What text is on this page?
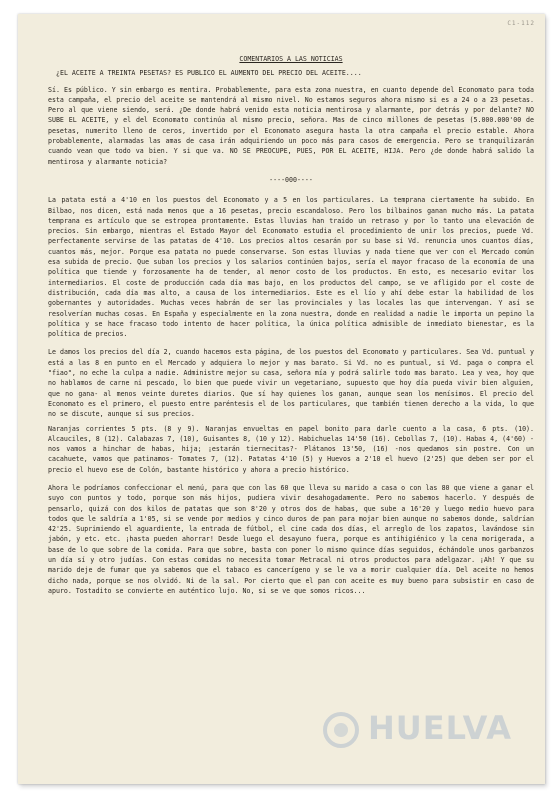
C1-112
COMENTARIOS A LAS NOTICIAS
¿EL ACEITE A TREINTA PESETAS? ES PUBLICO EL AUMENTO DEL PRECIO DEL ACEITE....
Sí. Es público. Y sin embargo es mentira. Probablemente, para esta zona nuestra, en cuanto depende del Economato para toda esta campaña, el precio del aceite se mantendrá al mismo nivel. No estamos seguros ahora mismo si es a 24 o a 23 pesetas. Pero al que viene siendo, será. ¿De donde habrá venido esta noticia mentirosa y alarmante, por detrás y por delante? NO SUBE EL ACEITE, y el del Economato continúa al mismo precio, señora. Mas de cinco millones de pesetas (5.000.000'00 de pesetas, numerito lleno de ceros, invertido por el Economato asegura hasta la otra campaña el precio estable. Ahora probablemente, alarmadas las amas de casa irán adquiriendo un poco más para casos de emergencia. Pero se tranquilizarán cuando vean que todo va bien. Y si que va. NO SE PREOCUPE, PUES, POR EL ACEITE, HIJA. Pero ¿de donde habrá salido la mentirosa y alarmante noticia?
----000----
La patata está a 4'10 en los puestos del Economato y a 5 en los particulares. La temprana ciertamente ha subido. En Bilbao, nos dicen, está nada menos que a 16 pesetas, precio escandaloso. Pero los bilbainos ganan mucho más. La patata temprana es artículo que se estropea prontamente. Estas lluvias han traído un retraso y por lo tanto una elevación de precios. Sin embargo, mientras el Estado Mayor del Economato estudia el procedimiento de unir los precios, puede Vd. perfectamente servirse de las patatas de 4'10. Los precios altos cesarán por su base si Vd. renuncia unos cuantos días, cuantos más, mejor. Porque esa patata no puede conservarse. Son estas lluvias y nada tiene que ver con el Mercado común esa subida de precio. Que suban los precios y los salarios continúen bajos, sería el mayor fracaso de la economía de una política que tiende y forzosamente ha de tender, al menor costo de los productos. En esto, es necesario evitar los intermediarios. El coste de producción cada día mas bajo, en los productos del campo, se ve afligido por el coste de distribución, cada día mas alto, a causa de los intermediarios. Este es el lío y ahí debe estar la habilidad de los gobernantes y autoridades. Muchas veces habrán de ser las provinciales y las locales las que intervengan. Y así se resolverían muchas cosas. En España y especialmente en la zona nuestra, donde en realidad a nadie le importa un pepino la política y se hace fracaso todo intento de hacer política, la única política admisible de inmediato bienestar, es la política de precios.
Le damos los precios del día 2, cuando hacemos esta página, de los puestos del Economato y particulares. Sea Vd. puntual y está a las 8 en punto en el Mercado y adquiera lo mejor y mas barato. Si Vd. no es puntual, si Vd. paga o compra el "fiao", no eche la culpa a nadie. Administre mejor su casa, señora mía y podrá salirle todo mas barato. Lea y vea, hoy que no hablamos de carne ni pescado, lo bien que puede vivir un vegetariano, supuesto que hoy día pueda vivir bien alguien, que no gana- al menos veinte duretes diarios. Que sí hay quienes los ganan, aunque sean los menísimos. El precio del Economato es el primero, el puesto entre paréntesis el de los particulares, que también tienen derecho a la vida, lo que no se discute, aunque sí sus precios.
Naranjas corrientes 5 pts. (8 y 9). Naranjas envueltas en papel bonito para darle cuento a la casa, 6 pts. (10). Alcauciles, 8 (12). Calabazas 7, (10), Guisantes 8, (10 y 12). Habichuelas 14'50 (16). Cebollas 7, (10). Habas 4, (4'60) -nos vamos a hinchar de habas, hija; ¡estarán tiernecitas?- Plátanos 13'50, (16) -nos quedamos sin postre. Con un cacahuete, vamos que patinamos- Tomates 7, (12). Patatas 4'10 (5) y Huevos a 2'10 el huevo (2'25) que deben ser por el precio el huevo ese de Colón, bastante histórico y ahora a precio histórico.
Ahora le podríamos confeccionar el menú, para que con las 60 que lleva su marido a casa o con las 80 que viene a ganar el suyo con puntos y todo, porque son más hijos, pudiera vivir desahogadamente. Pero no sabemos hacerlo. Y después de pensarlo, quizá con dos kilos de patatas que son 8'20 y otros dos de habas, que sube a 16'20 y luego medio huevo para todos que le saldría a 1'05, si se vende por medios y cinco duros de pan para mojar bien aunque no sabemos donde, saldrían 42'25. Suprimiendo el aguardiente, la entrada de fútbol, el cine cada dos días, el arreglo de los zapatos, lavándose sin jabón, y etc. etc. ¡hasta pueden ahorrar! Desde luego el desayuno fuera, porque es antihigiénico y la cena morigerada, a base de lo que sobre de la comida. Para que sobre, basta con poner lo mismo quince días seguidos, échándole unos garbanzos un día sí y otro judías. Con estas comidas no necesita tomar Metracal ni otros productos para adelgazar. ¡Ah! Y que su marido deje de fumar que ya sabemos que el tabaco es cancerígeno y se le va a morir cualquier día. Del aceite no hemos dicho nada, porque se nos olvidó. Ni de la sal. Por cierto que el pan con aceite es muy bueno para subsistir en caso de apuro. Tostadito se convierte en auténtico lujo. No, si se ve que somos ricos...
HUELVA
